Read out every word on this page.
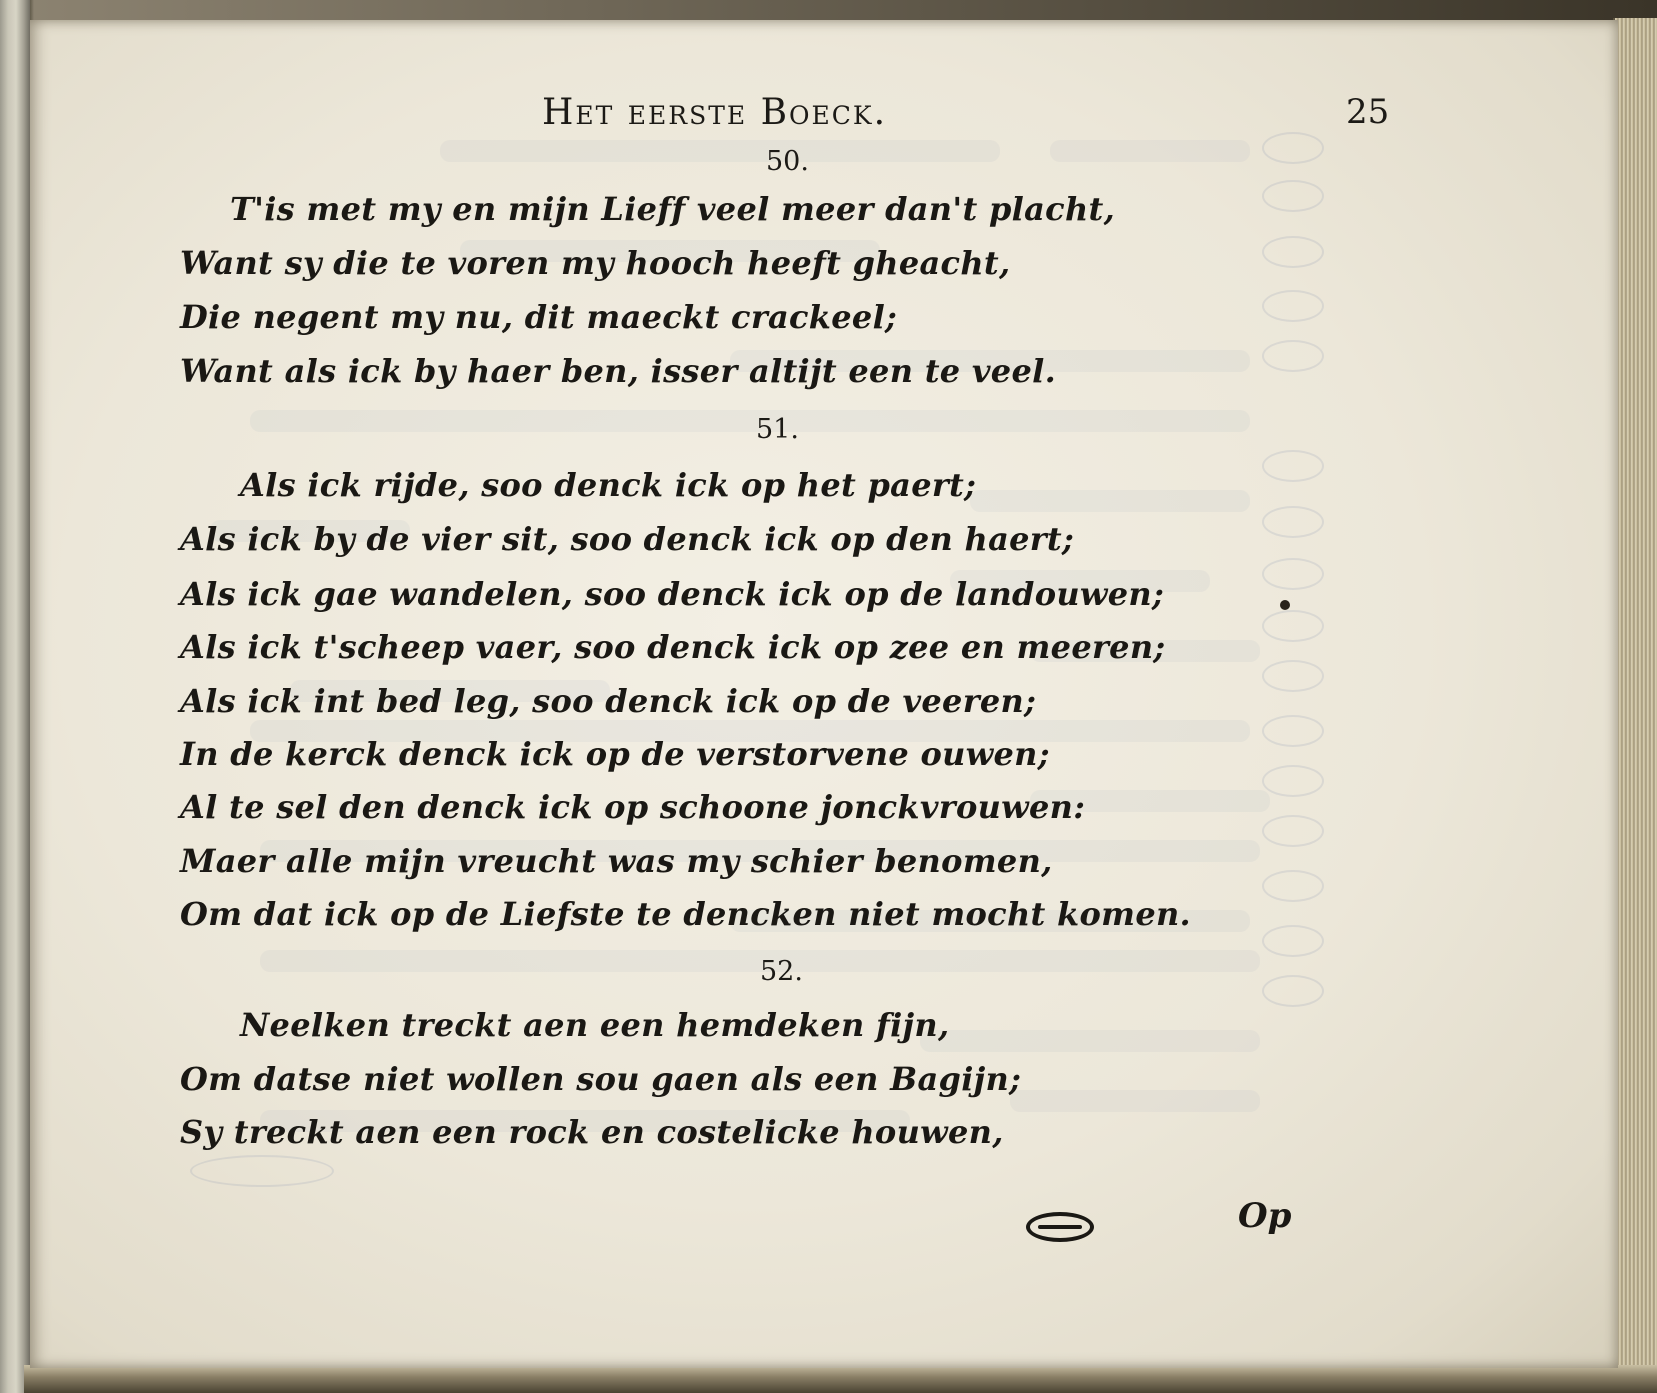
Het eerste Boeck.	25
50.
T'is met my en mijn Lieff veel meer dan't placht,
Want sy die te voren my hooch heeft gheacht,
Die negent my nu, dit maeckt crackeel;
Want als ick by haer ben, isser altijt een te veel.
51.
Als ick rijde, soo denck ick op het paert;
Als ick by de vier sit, soo denck ick op den haert;
Als ick gae wandelen, soo denck ick op de landouwen;
Als ick t'scheep vaer, soo denck ick op zee en meeren;
Als ick int bed leg, soo denck ick op de veeren;
In de kerck denck ick op de verstorvene ouwen;
Al te sel den denck ick op schoone jonckvrouwen:
Maer alle mijn vreucht was my schier benomen,
Om dat ick op de Liefste te dencken niet mocht komen.
52.
Neelken treckt aen een hemdeken fijn,
Om datse niet wollen sou gaen als een Bagijn;
Sy treckt aen een rock en costelicke houwen,
Op
